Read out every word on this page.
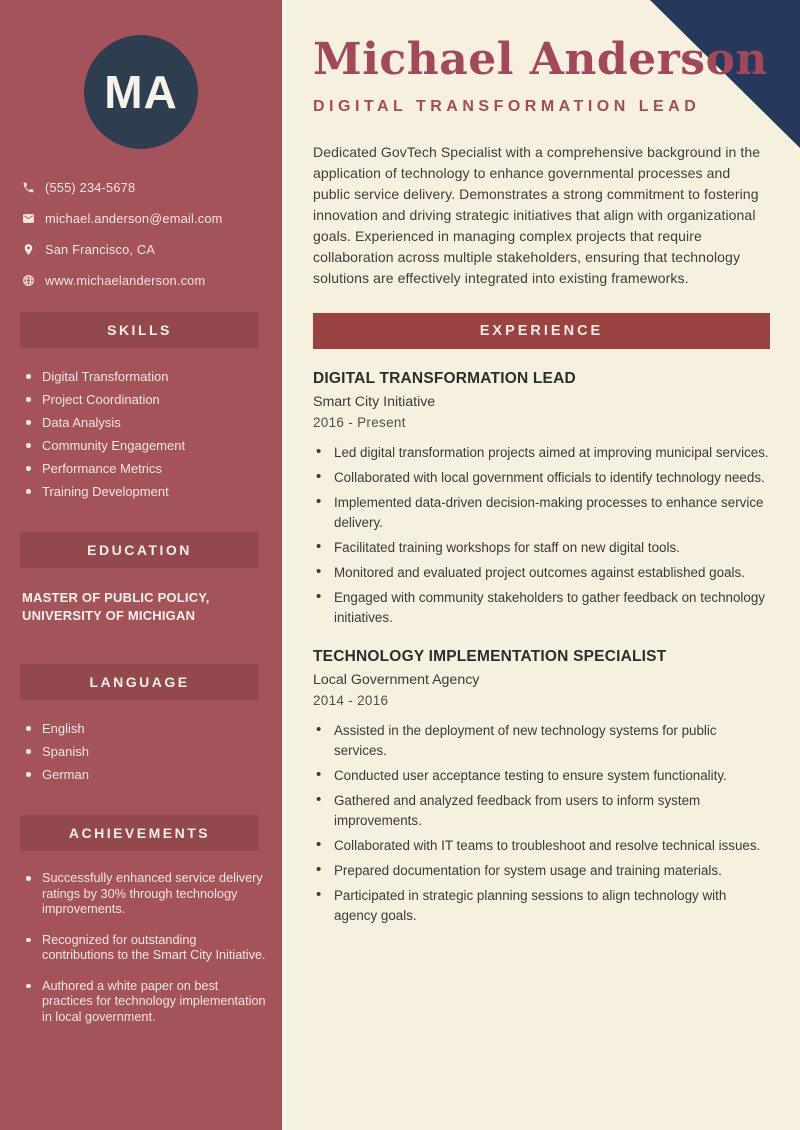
MA
(555) 234-5678
michael.anderson@email.com
San Francisco, CA
www.michaelanderson.com
SKILLS
Digital Transformation
Project Coordination
Data Analysis
Community Engagement
Performance Metrics
Training Development
EDUCATION
MASTER OF PUBLIC POLICY, UNIVERSITY OF MICHIGAN
LANGUAGE
English
Spanish
German
ACHIEVEMENTS
Successfully enhanced service delivery ratings by 30% through technology improvements.
Recognized for outstanding contributions to the Smart City Initiative.
Authored a white paper on best practices for technology implementation in local government.
Michael Anderson
DIGITAL TRANSFORMATION LEAD

Dedicated GovTech Specialist with a comprehensive background in the application of technology to enhance governmental processes and public service delivery. Demonstrates a strong commitment to fostering innovation and driving strategic initiatives that align with organizational goals. Experienced in managing complex projects that require collaboration across multiple stakeholders, ensuring that technology solutions are effectively integrated into existing frameworks.

EXPERIENCE
DIGITAL TRANSFORMATION LEAD
Smart City Initiative
2016 - Present
• Led digital transformation projects aimed at improving municipal services.
• Collaborated with local government officials to identify technology needs.
• Implemented data-driven decision-making processes to enhance service delivery.
• Facilitated training workshops for staff on new digital tools.
• Monitored and evaluated project outcomes against established goals.
• Engaged with community stakeholders to gather feedback on technology initiatives.
TECHNOLOGY IMPLEMENTATION SPECIALIST
Local Government Agency
2014 - 2016
• Assisted in the deployment of new technology systems for public services.
• Conducted user acceptance testing to ensure system functionality.
• Gathered and analyzed feedback from users to inform system improvements.
• Collaborated with IT teams to troubleshoot and resolve technical issues.
• Prepared documentation for system usage and training materials.
• Participated in strategic planning sessions to align technology with agency goals.
